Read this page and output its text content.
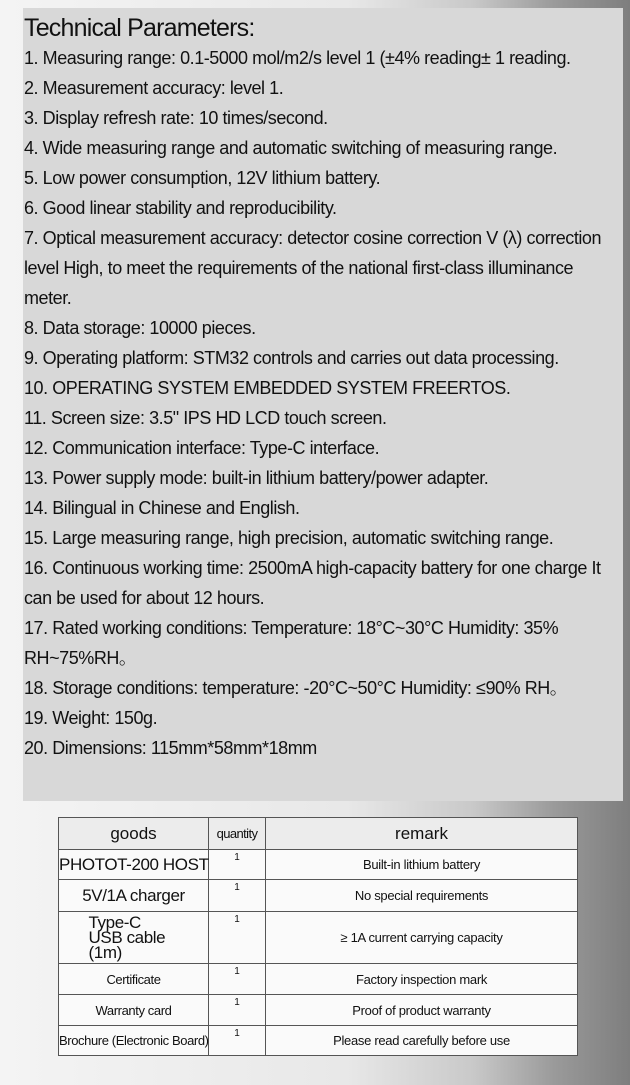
Technical Parameters:
1. Measuring range: 0.1-5000 mol/m2/s level 1 (±4% reading± 1 reading.
2. Measurement accuracy: level 1.
3. Display refresh rate: 10 times/second.
4. Wide measuring range and automatic switching of measuring range.
5. Low power consumption, 12V lithium battery.
6. Good linear stability and reproducibility.
7. Optical measurement accuracy: detector cosine correction V (λ) correction level High, to meet the requirements of the national first-class illuminance meter.
8. Data storage: 10000 pieces.
9. Operating platform: STM32 controls and carries out data processing.
10. OPERATING SYSTEM EMBEDDED SYSTEM FREERTOS.
11. Screen size: 3.5" IPS HD LCD touch screen.
12. Communication interface: Type-C interface.
13. Power supply mode: built-in lithium battery/power adapter.
14. Bilingual in Chinese and English.
15. Large measuring range, high precision, automatic switching range.
16. Continuous working time: 2500mA high-capacity battery for one charge It can be used for about 12 hours.
17. Rated working conditions: Temperature: 18°C~30°C Humidity: 35% RH~75%RH。
18. Storage conditions: temperature: -20°C~50°C Humidity: ≤90% RH。
19. Weight: 150g.
20. Dimensions: 115mm*58mm*18mm
goods	quantity	remark
PHOTOT-200 HOST	1	Built-in lithium battery
5V/1A charger	1	No special requirements
Type-C USB cable (1m)	1	≥ 1A current carrying capacity
Certificate	1	Factory inspection mark
Warranty card	1	Proof of product warranty
Brochure (Electronic Board)	1	Please read carefully before use
